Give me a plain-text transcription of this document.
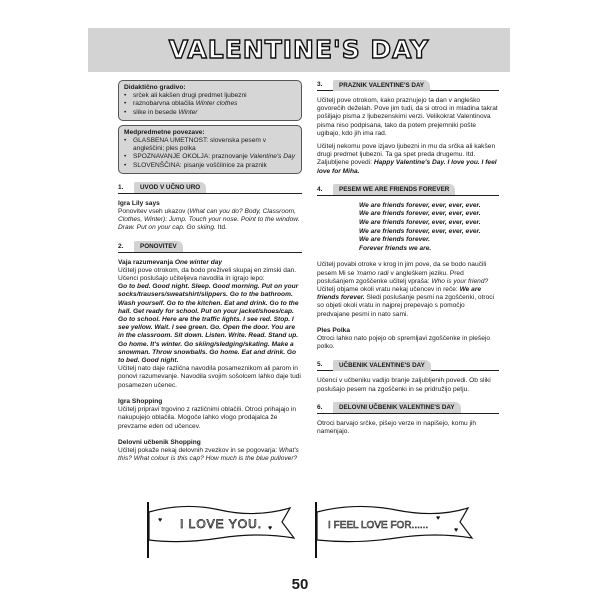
VALENTINE'S DAY
Didaktično gradivo:
• srček ali kakšen drugi predmet ljubezni
• raznobarvna oblačila Winter clothes
• slike in besede Winter
Medpredmetne povezave:
• GLASBENA UMETNOST: slovenska pesem v angleščini; ples polka
• SPOZNAVANJE OKOLJA: praznovanje Valentine's Day
• SLOVENŠČINA: pisanje voščilnice za praznik
1.	UVOD V UČNO URO
Igra Lily says

Ponovitev vseh ukazov (What can you do? Body, Classroom, Clothes, Winter): Jump. Touch your nose. Point to the window. Draw. Put on your cap. Go skiing. Itd.

2.	PONOVITEV
Vaja razumevanja One winter day

Učitelj pove otrokom, da bodo preživeli skupaj en zimski dan. Učenci poslušajo učiteljeva navodila in igrajo lepo:

Go to bed. Good night. Sleep. Good morning. Put on your socks/trausers/sweatshirt/slippers. Go to the bathroom. Wash yourself. Go to the kitchen. Eat and drink. Go to the hall. Get ready for school. Put on your jacket/shoes/cap. Go to school. Here are the traffic lights. I see red. Stop. I see yellow. Wait. I see green. Go. Open the door. You are in the classroom. Sit down. Listen. Write. Read. Stand up. Go home. It's winter. Go skiing/sledging/skating. Make a snowman. Throw snowballs. Go home. Eat and drink. Go to bed. Good night.

Učitelj nato daje različna navodila posameznikom ali parom in ponovi razumevanje. Navodila svojim sošolcem lahko daje tudi posamezen učenec.

Igra Shopping

Učitelj pripravi trgovino z različnimi oblačili. Otroci prihajajo in nakupujejo oblačila. Mogoče lahko vlogo prodajalca že prevzame eden od učencev.

Delovni učbenik Shopping

Učitelj pokaže nekaj delovnih zvezkov in se pogovarja: What's this? What colour is this cap? How much is the blue pullover?

3.	PRAZNIK VALENTINE'S DAY

Učitelj pove otrokom, kako praznujejo ta dan v angleško govorečih deželah. Pove jim tudi, da si otroci in mladina takrat pošiljajo pisma z ljubezenskimi verzi. Velikokrat Valentinova pisma niso podpisana, tako da potem prejemniki pošte ugibajo, kdo jih ima rad.

Učitelj nekomu pove izjavo ljubezni in mu da srčka ali kakšen drugi predmet ljubezni. Ta ga spet preda drugemu. Itd. Zaljubljene povedi: Happy Valentine's Day. I love you. I feel love for Miha.

4.	PESEM WE ARE FRIENDS FOREVER
We are friends forever, ever, ever, ever.
We are friends forever, ever, ever, ever.
We are friends forever, ever, ever, ever.
We are friends forever, ever, ever, ever.
We are friends forever.
Forever friends we are.

Učitelj povabi otroke v krog in jim pove, da se bodo naučili pesem Mi se 'mamo radi v angleškem jeziku. Pred poslušanjem zgoščenke učitelj vpraša: Who is your friend? Učitelj objame okoli vratu nekaj učencev in reče: We are friends forever. Sledi poslušanje pesmi na zgoščenki, otroci so objeti okoli vratu in najprej prepevajo s pomočjo predvajane pesmi in nato sami.

Ples Polka

Otroci lahko nato pojejo ob spremljavi zgoščenke in plešejo polko.

5.	UČBENIK VALENTINE'S DAY

Učenci v učbeniku vadijo branje zaljubljenih povedi. Ob sliki poslušajo pesem na zgoščenki in se pridružijo petju.

6.	DELOVNI UČBENIK VALENTINE'S DAY

Otroci barvajo srčke, pišejo verze in napišejo, komu jih namenjajo.

I LOVE YOU.
♥
♥	I FEEL LOVE FOR......
♥
♥
50
